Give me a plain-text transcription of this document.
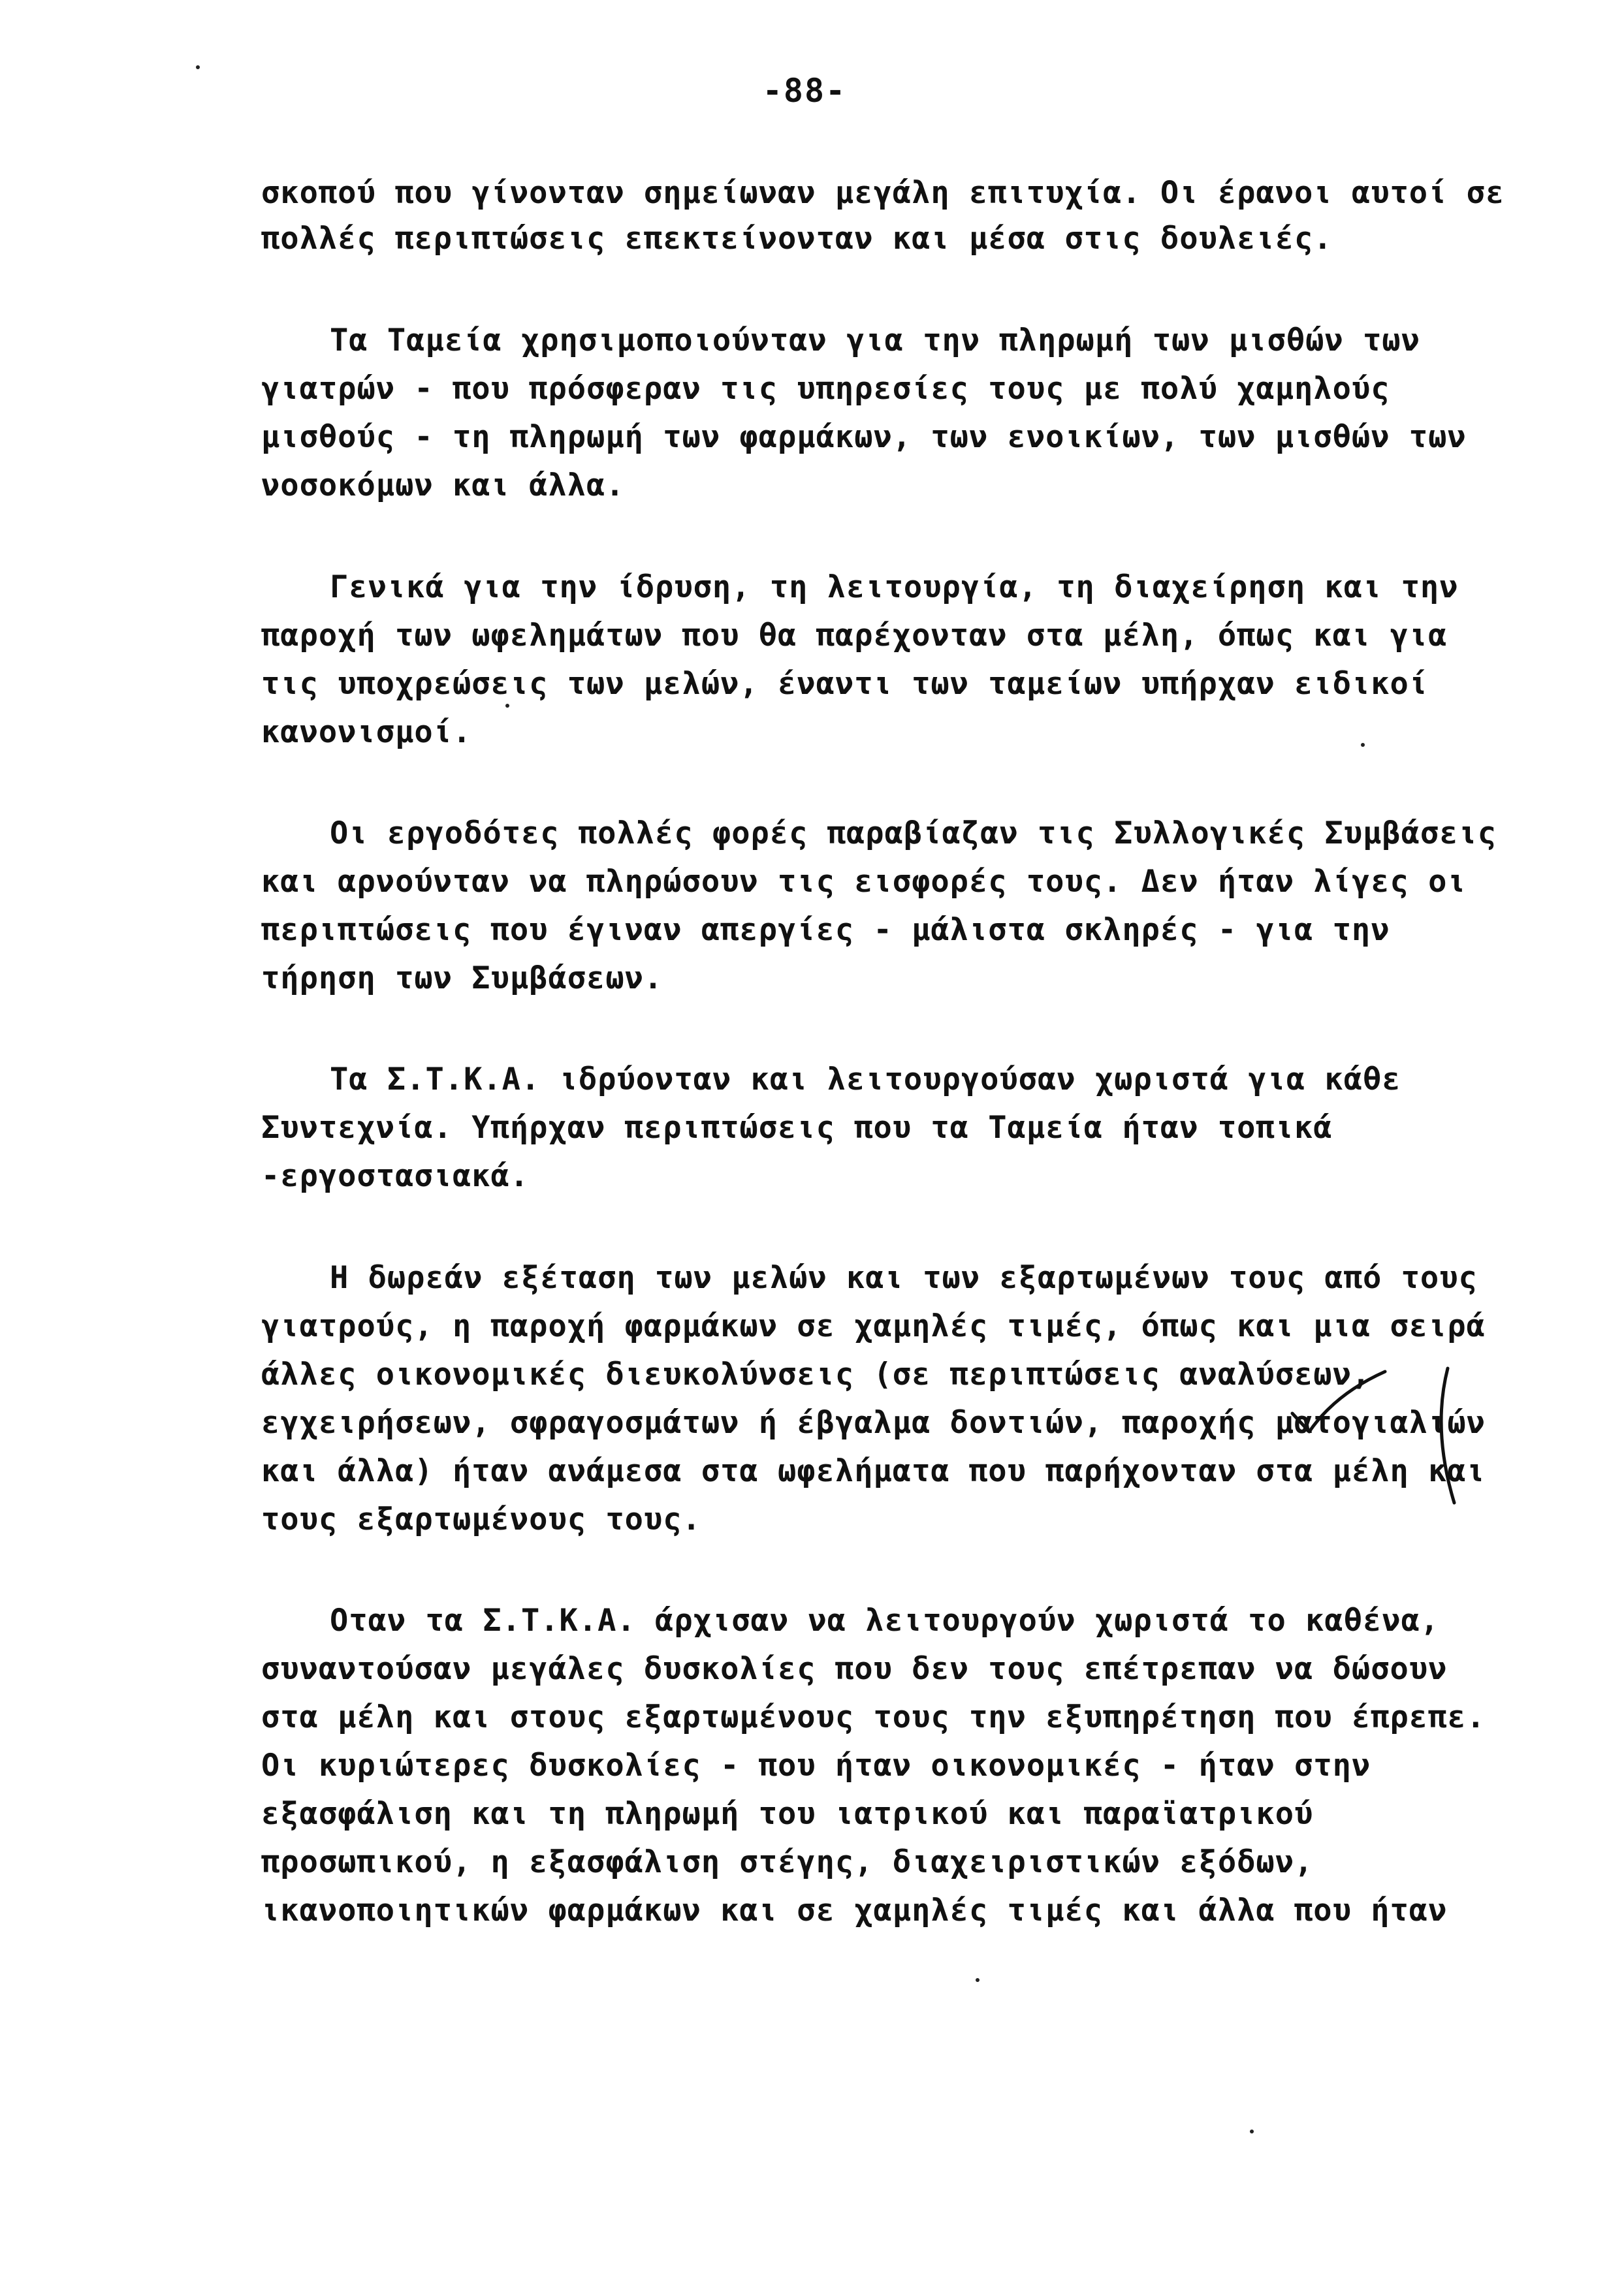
-88-
σκοπού που γίνονταν σημείωναν μεγάλη επιτυχία. Οι έρανοι αυτοί σε
πολλές περιπτώσεις επεκτείνονταν και μέσα στις δουλειές.
Τα Ταμεία χρησιμοποιούνταν για την πληρωμή των μισθών των
γιατρών - που πρόσφεραν τις υπηρεσίες τους με πολύ χαμηλούς
μισθούς - τη πληρωμή των φαρμάκων, των ενοικίων, των μισθών των
νοσοκόμων και άλλα.
Γενικά για την ίδρυση, τη λειτουργία, τη διαχείρηση και την
παροχή των ωφελημάτων που θα παρέχονταν στα μέλη, όπως και για
τις υποχρεώσεις των μελών, έναντι των ταμείων υπήρχαν ειδικοί
κανονισμοί.
Οι εργοδότες πολλές φορές παραβίαζαν τις Συλλογικές Συμβάσεις
και αρνούνταν να πληρώσουν τις εισφορές τους. Δεν ήταν λίγες οι
περιπτώσεις που έγιναν απεργίες - μάλιστα σκληρές - για την
τήρηση των Συμβάσεων.
Τα Σ.Τ.Κ.Α. ιδρύονταν και λειτουργούσαν χωριστά για κάθε
Συντεχνία. Υπήρχαν περιπτώσεις που τα Ταμεία ήταν τοπικά
-εργοστασιακά.
Η δωρεάν εξέταση των μελών και των εξαρτωμένων τους από τους
γιατρούς, η παροχή φαρμάκων σε χαμηλές τιμές, όπως και μια σειρά
άλλες οικονομικές διευκολύνσεις (σε περιπτώσεις αναλύσεων,
εγχειρήσεων, σφραγοσμάτων ή έβγαλμα δοντιών, παροχής ματογιαλιών
και άλλα) ήταν ανάμεσα στα ωφελήματα που παρήχονταν στα μέλη και
τους εξαρτωμένους τους.
Οταν τα Σ.Τ.Κ.Α. άρχισαν να λειτουργούν χωριστά το καθένα,
συναντούσαν μεγάλες δυσκολίες που δεν τους επέτρεπαν να δώσουν
στα μέλη και στους εξαρτωμένους τους την εξυπηρέτηση που έπρεπε.
Οι κυριώτερες δυσκολίες - που ήταν οικονομικές - ήταν στην
εξασφάλιση και τη πληρωμή του ιατρικού και παραϊατρικού
προσωπικού, η εξασφάλιση στέγης, διαχειριστικών εξόδων,
ικανοποιητικών φαρμάκων και σε χαμηλές τιμές και άλλα που ήταν
